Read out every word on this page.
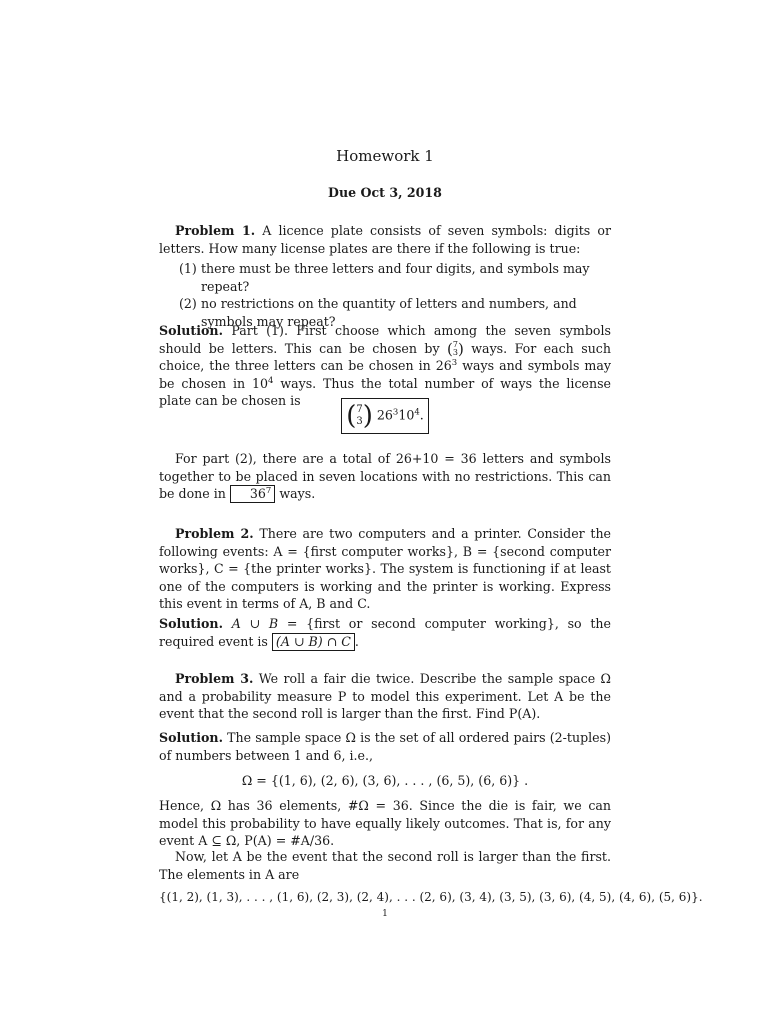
Homework 1
Due Oct 3, 2018
Problem 1. A licence plate consists of seven symbols: digits or letters. How many license plates are there if the following is true:
(1) there must be three letters and four digits, and symbols may repeat?
(2) no restrictions on the quantity of letters and numbers, and symbols may repeat?
Solution. Part (1). First choose which among the seven symbols should be letters. This can be chosen by ( 7
3 ) ways. For each such choice, the three letters can be chosen in $26^3$ ways and symbols may be chosen in $10^4$ ways. Thus the total number of ways the license plate can be chosen is
( 7
3 ) $26^310^4$.
For part (2), there are a total of 26+10 = 36 letters and symbols together to be placed in seven locations with no restrictions. This can be done in $36^7$ ways.
Problem 2. There are two computers and a printer. Consider the following events: A = {first computer works}, B = {second computer works}, C = {the printer works}. The system is functioning if at least one of the computers is working and the printer is working. Express this event in terms of A, B and C.
Solution. A ∪ B = {first or second computer working}, so the required event is (A ∪ B) ∩ C .
Problem 3. We roll a fair die twice. Describe the sample space Ω and a probability measure P to model this experiment. Let A be the event that the second roll is larger than the first. Find P(A).
Solution. The sample space Ω is the set of all ordered pairs (2-tuples) of numbers between 1 and 6, i.e.,
Ω = {(1, 6), (2, 6), (3, 6), . . . , (6, 5), (6, 6)} .
Hence, Ω has 36 elements, #Ω = 36. Since the die is fair, we can model this probability to have equally likely outcomes. That is, for any event A ⊆ Ω, P(A) = #A/36.
Now, let A be the event that the second roll is larger than the first. The elements in A are
{(1, 2), (1, 3), . . . , (1, 6), (2, 3), (2, 4), . . . (2, 6), (3, 4), (3, 5), (3, 6), (4, 5), (4, 6), (5, 6)}.
1
